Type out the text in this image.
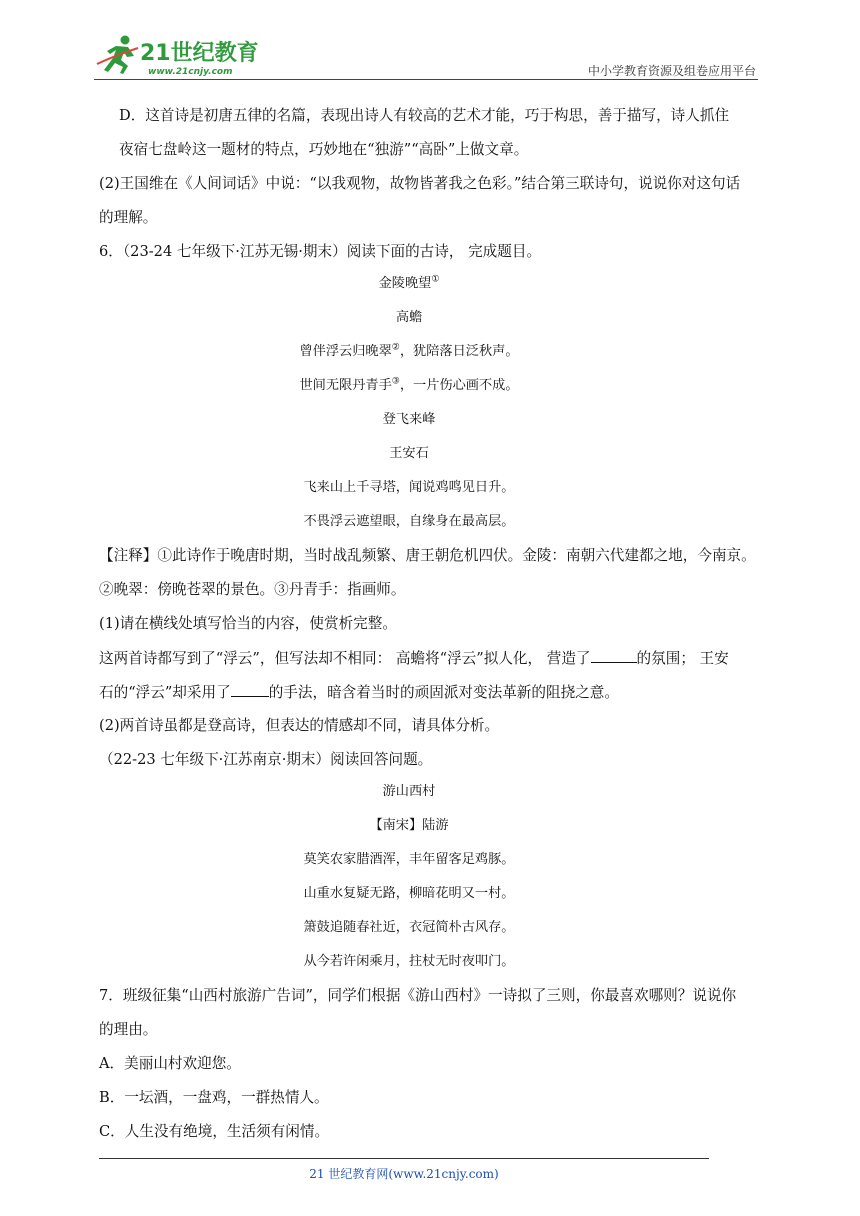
21世纪教育
www.21cnjy.com	中小学教育资源及组卷应用平台
D．这首诗是初唐五律的名篇，表现出诗人有较高的艺术才能，巧于构思，善于描写，诗人抓住
夜宿七盘岭这一题材的特点，巧妙地在“独游”“高卧”上做文章。
(2)王国维在《人间词话》中说：“以我观物，故物皆著我之色彩。”结合第三联诗句，说说你对这句话
的理解。
6．（23-24 七年级下·江苏无锡·期末）阅读下面的古诗， 完成题目。
金陵晚望①
高蟾
曾伴浮云归晚翠②，犹陪落日泛秋声。
世间无限丹青手③，一片伤心画不成。
登飞来峰
王安石
飞来山上千寻塔，闻说鸡鸣见日升。
不畏浮云遮望眼，自缘身在最高层。
【注释】①此诗作于晚唐时期，当时战乱频繁、唐王朝危机四伏。金陵：南朝六代建都之地，今南京。
②晚翠：傍晚苍翠的景色。③丹青手：指画师。
(1)请在横线处填写恰当的内容，使赏析完整。
这两首诗都写到了“浮云”，但写法却不相同： 高蟾将“浮云”拟人化， 营造了	的氛围； 王安
石的“浮云”却采用了	的手法，暗含着当时的顽固派对变法革新的阻挠之意。
(2)两首诗虽都是登高诗，但表达的情感却不同，请具体分析。
（22-23 七年级下·江苏南京·期末）阅读回答问题。
游山西村
【南宋】陆游
莫笑农家腊酒浑，丰年留客足鸡豚。
山重水复疑无路，柳暗花明又一村。
箫鼓追随春社近，衣冠简朴古风存。
从今若许闲乘月，拄杖无时夜叩门。
7．班级征集“山西村旅游广告词”，同学们根据《游山西村》一诗拟了三则，你最喜欢哪则？说说你
的理由。
A．美丽山村欢迎您。
B．一坛酒，一盘鸡，一群热情人。
C．人生没有绝境，生活须有闲情。
21 世纪教育网(www.21cnjy.com)
